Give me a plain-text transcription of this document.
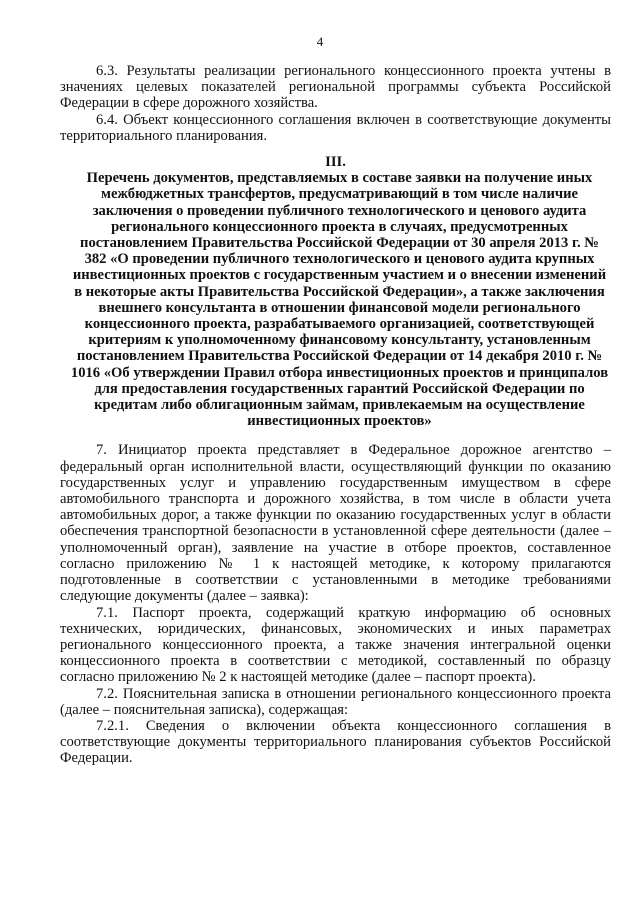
4

6.3. Результаты реализации регионального концессионного проекта учтены в значениях целевых показателей региональной программы субъекта Российской Федерации в сфере дорожного хозяйства.

6.4. Объект концессионного соглашения включен в соответствующие документы территориального планирования.

III. Перечень документов, представляемых в составе заявки на получение иных межбюджетных трансфертов, предусматривающий в том числе наличие заключения о проведении публичного технологического и ценового аудита регионального концессионного проекта в случаях, предусмотренных постановлением Правительства Российской Федерации от 30 апреля 2013 г. № 382 «О проведении публичного технологического и ценового аудита крупных инвестиционных проектов с государственным участием и о внесении изменений в некоторые акты Правительства Российской Федерации», а также заключения внешнего консультанта в отношении финансовой модели регионального концессионного проекта, разрабатываемого организацией, соответствующей критериям к уполномоченному финансовому консультанту, установленным постановлением Правительства Российской Федерации от 14 декабря 2010 г. № 1016 «Об утверждении Правил отбора инвестиционных проектов и принципалов для предоставления государственных гарантий Российской Федерации по кредитам либо облигационным займам, привлекаемым на осуществление инвестиционных проектов»

7. Инициатор проекта представляет в Федеральное дорожное агентство – федеральный орган исполнительной власти, осуществляющий функции по оказанию государственных услуг и управлению государственным имуществом в сфере автомобильного транспорта и дорожного хозяйства, в том числе в области учета автомобильных дорог, а также функции по оказанию государственных услуг в области обеспечения транспортной безопасности в установленной сфере деятельности (далее – уполномоченный орган), заявление на участие в отборе проектов, составленное согласно приложению № 1 к настоящей методике, к которому прилагаются подготовленные в соответствии с установленными в методике требованиями следующие документы (далее – заявка):

7.1. Паспорт проекта, содержащий краткую информацию об основных технических, юридических, финансовых, экономических и иных параметрах регионального концессионного проекта, а также значения интегральной оценки концессионного проекта в соответствии с методикой, составленный по образцу согласно приложению № 2 к настоящей методике (далее – паспорт проекта).

7.2. Пояснительная записка в отношении регионального концессионного проекта (далее – пояснительная записка), содержащая:

7.2.1. Сведения о включении объекта концессионного соглашения в соответствующие документы территориального планирования субъектов Российской Федерации.
